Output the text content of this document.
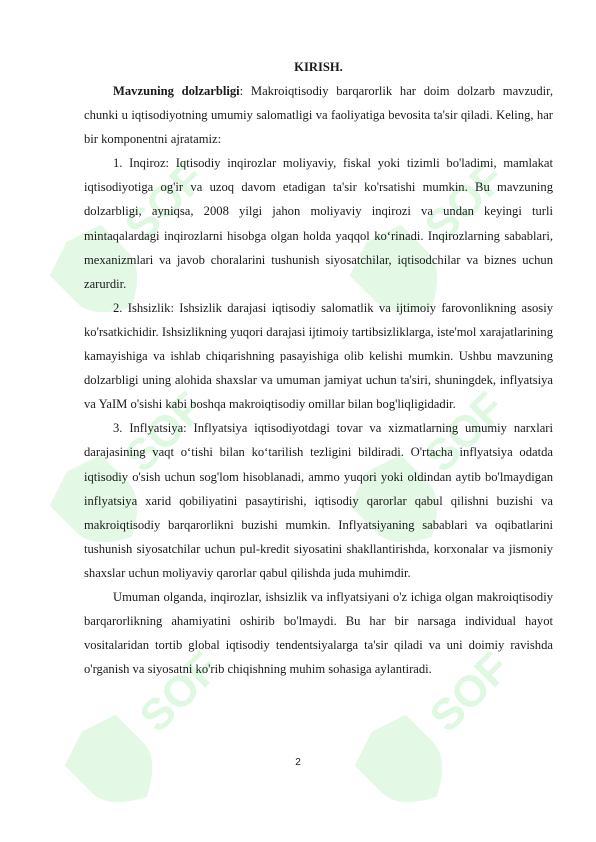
SOF	SOF
SOF	SOF
SOF	SOF
KIRISH.

Mavzuning dolzarbligi: Makroiqtisodiy barqarorlik har doim dolzarb mavzudir, chunki u iqtisodiyotning umumiy salomatligi va faoliyatiga bevosita ta'sir qiladi. Keling, har bir komponentni ajratamiz:

1. Inqiroz: Iqtisodiy inqirozlar moliyaviy, fiskal yoki tizimli bo'ladimi, mamlakat iqtisodiyotiga og'ir va uzoq davom etadigan ta'sir ko'rsatishi mumkin. Bu mavzuning dolzarbligi, ayniqsa, 2008 yilgi jahon moliyaviy inqirozi va undan keyingi turli mintaqalardagi inqirozlarni hisobga olgan holda yaqqol ko‘rinadi. Inqirozlarning sabablari, mexanizmlari va javob choralarini tushunish siyosatchilar, iqtisodchilar va biznes uchun zarurdir.

2. Ishsizlik: Ishsizlik darajasi iqtisodiy salomatlik va ijtimoiy farovonlikning asosiy ko'rsatkichidir. Ishsizlikning yuqori darajasi ijtimoiy tartibsizliklarga, iste'mol xarajatlarining kamayishiga va ishlab chiqarishning pasayishiga olib kelishi mumkin. Ushbu mavzuning dolzarbligi uning alohida shaxslar va umuman jamiyat uchun ta'siri, shuningdek, inflyatsiya va YaIM o'sishi kabi boshqa makroiqtisodiy omillar bilan bog'liqligidadir.

3. Inflyatsiya: Inflyatsiya iqtisodiyotdagi tovar va xizmatlarning umumiy narxlari darajasining vaqt o‘tishi bilan ko‘tarilish tezligini bildiradi. O'rtacha inflyatsiya odatda iqtisodiy o'sish uchun sog'lom hisoblanadi, ammo yuqori yoki oldindan aytib bo'lmaydigan inflyatsiya xarid qobiliyatini pasaytirishi, iqtisodiy qarorlar qabul qilishni buzishi va makroiqtisodiy barqarorlikni buzishi mumkin. Inflyatsiyaning sabablari va oqibatlarini tushunish siyosatchilar uchun pul-kredit siyosatini shakllantirishda, korxonalar va jismoniy shaxslar uchun moliyaviy qarorlar qabul qilishda juda muhimdir.

Umuman olganda, inqirozlar, ishsizlik va inflyatsiyani o'z ichiga olgan makroiqtisodiy barqarorlikning ahamiyatini oshirib bo'lmaydi. Bu har bir narsaga individual hayot vositalaridan tortib global iqtisodiy tendentsiyalarga ta'sir qiladi va uni doimiy ravishda o'rganish va siyosatni ko'rib chiqishning muhim sohasiga aylantiradi.

2
